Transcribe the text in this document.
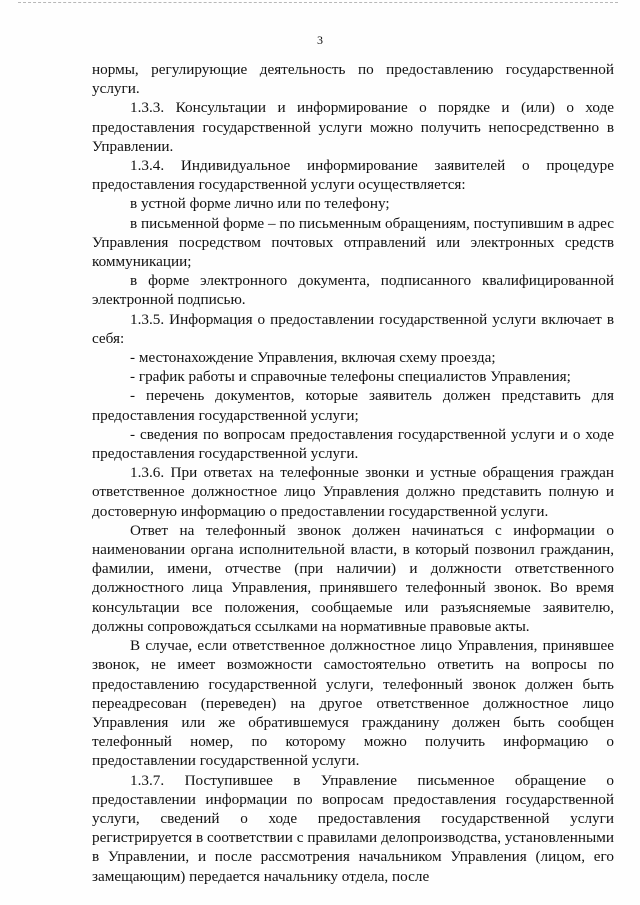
3

нормы, регулирующие деятельность по предоставлению государственной услуги.

1.3.3. Консультации и информирование о порядке и (или) о ходе предоставления государственной услуги можно получить непосредственно в Управлении.

1.3.4. Индивидуальное информирование заявителей о процедуре предоставления государственной услуги осуществляется:

в устной форме лично или по телефону;

в письменной форме – по письменным обращениям, поступившим в адрес Управления посредством почтовых отправлений или электронных средств коммуникации;

в форме электронного документа, подписанного квалифицированной электронной подписью.

1.3.5. Информация о предоставлении государственной услуги включает в себя:

- местонахождение Управления, включая схему проезда;

- график работы и справочные телефоны специалистов Управления;

- перечень документов, которые заявитель должен представить для предоставления государственной услуги;

- сведения по вопросам предоставления государственной услуги и о ходе предоставления государственной услуги.

1.3.6. При ответах на телефонные звонки и устные обращения граждан ответственное должностное лицо Управления должно представить полную и достоверную информацию о предоставлении государственной услуги.

Ответ на телефонный звонок должен начинаться с информации о наименовании органа исполнительной власти, в который позвонил гражданин, фамилии, имени, отчестве (при наличии) и должности ответственного должностного лица Управления, принявшего телефонный звонок. Во время консультации все положения, сообщаемые или разъясняемые заявителю, должны сопровождаться ссылками на нормативные правовые акты.

В случае, если ответственное должностное лицо Управления, принявшее звонок, не имеет возможности самостоятельно ответить на вопросы по предоставлению государственной услуги, телефонный звонок должен быть переадресован (переведен) на другое ответственное должностное лицо Управления или же обратившемуся гражданину должен быть сообщен телефонный номер, по которому можно получить информацию о предоставлении государственной услуги.

1.3.7. Поступившее в Управление письменное обращение о предоставлении информации по вопросам предоставления государственной услуги, сведений о ходе предоставления государственной услуги регистрируется в соответствии с правилами делопроизводства, установленными в Управлении, и после рассмотрения начальником Управления (лицом, его замещающим) передается начальнику отдела, после
